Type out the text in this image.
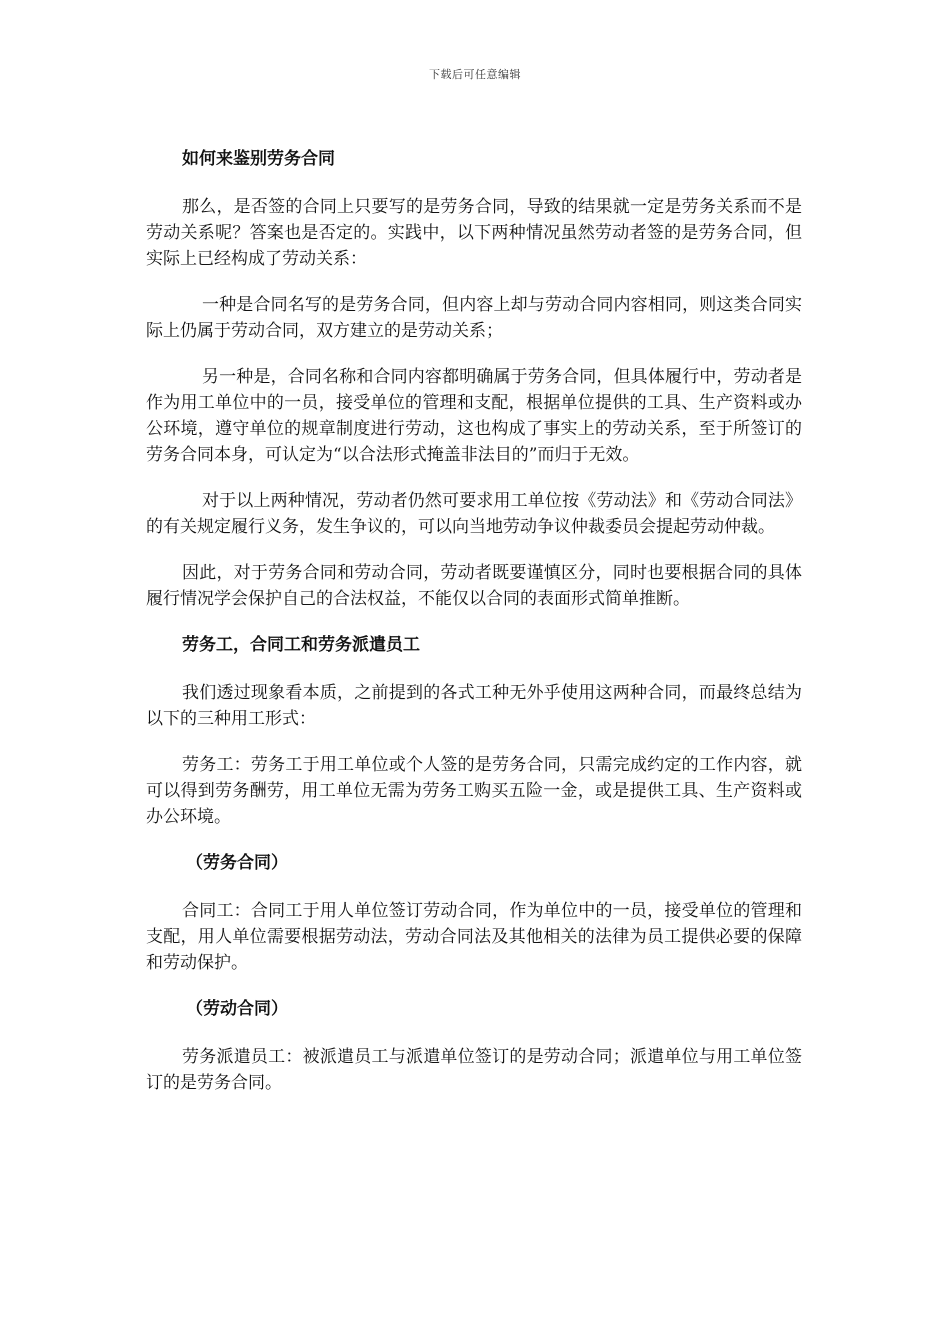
下载后可任意编辑

如何来鉴别劳务合同

那么，是否签的合同上只要写的是劳务合同，导致的结果就一定是劳务关系而不是劳动关系呢？答案也是否定的。实践中，以下两种情况虽然劳动者签的是劳务合同，但实际上已经构成了劳动关系：

一种是合同名写的是劳务合同，但内容上却与劳动合同内容相同，则这类合同实际上仍属于劳动合同，双方建立的是劳动关系；

另一种是，合同名称和合同内容都明确属于劳务合同，但具体履行中，劳动者是作为用工单位中的一员，接受单位的管理和支配，根据单位提供的工具、生产资料或办公环境，遵守单位的规章制度进行劳动，这也构成了事实上的劳动关系，至于所签订的劳务合同本身，可认定为“以合法形式掩盖非法目的”而归于无效。

对于以上两种情况，劳动者仍然可要求用工单位按《劳动法》和《劳动合同法》的有关规定履行义务，发生争议的，可以向当地劳动争议仲裁委员会提起劳动仲裁。

因此，对于劳务合同和劳动合同，劳动者既要谨慎区分，同时也要根据合同的具体履行情况学会保护自己的合法权益，不能仅以合同的表面形式简单推断。

劳务工，合同工和劳务派遣员工

我们透过现象看本质，之前提到的各式工种无外乎使用这两种合同，而最终总结为以下的三种用工形式：

劳务工：劳务工于用工单位或个人签的是劳务合同，只需完成约定的工作内容，就可以得到劳务酬劳，用工单位无需为劳务工购买五险一金，或是提供工具、生产资料或办公环境。

（劳务合同）

合同工：合同工于用人单位签订劳动合同，作为单位中的一员，接受单位的管理和支配，用人单位需要根据劳动法，劳动合同法及其他相关的法律为员工提供必要的保障和劳动保护。

（劳动合同）

劳务派遣员工：被派遣员工与派遣单位签订的是劳动合同；派遣单位与用工单位签订的是劳务合同。
